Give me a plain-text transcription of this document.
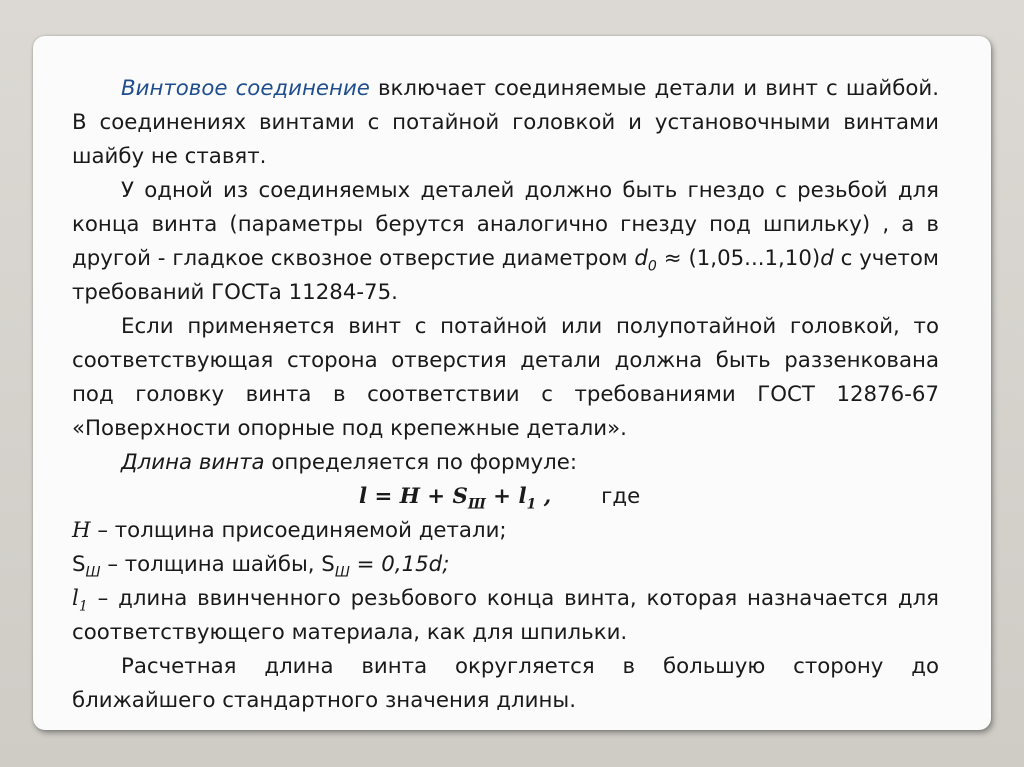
Винтовое соединение включает соединяемые детали и винт с шайбой. В соединениях винтами с потайной головкой и установочными винтами шайбу не ставят.

У одной из соединяемых деталей должно быть гнездо с резьбой для конца винта (параметры берутся аналогично гнезду под шпильку) , а в другой - гладкое сквозное отверстие диаметром $d_0 \approx (1,05...1,10)d$ с учетом требований ГОСТа 11284-75.

Если применяется винт с потайной или полупотайной головкой, то соответствующая сторона отверстия детали должна быть раззенкована под головку винта в соответствии с требованиями ГОСТ 12876-67 «Поверхности опорные под крепежные детали».

Длина винта определяется по формуле:

$l = H + S_Ш + l_1$ , где

H – толщина присоединяемой детали;

$S_Ш$ – толщина шайбы, $S_Ш = 0,15d$;

$l_1$ – длина ввинченного резьбового конца винта, которая назначается для соответствующего материала, как для шпильки.

Расчетная длина винта округляется в большую сторону до ближайшего стандартного значения длины.
